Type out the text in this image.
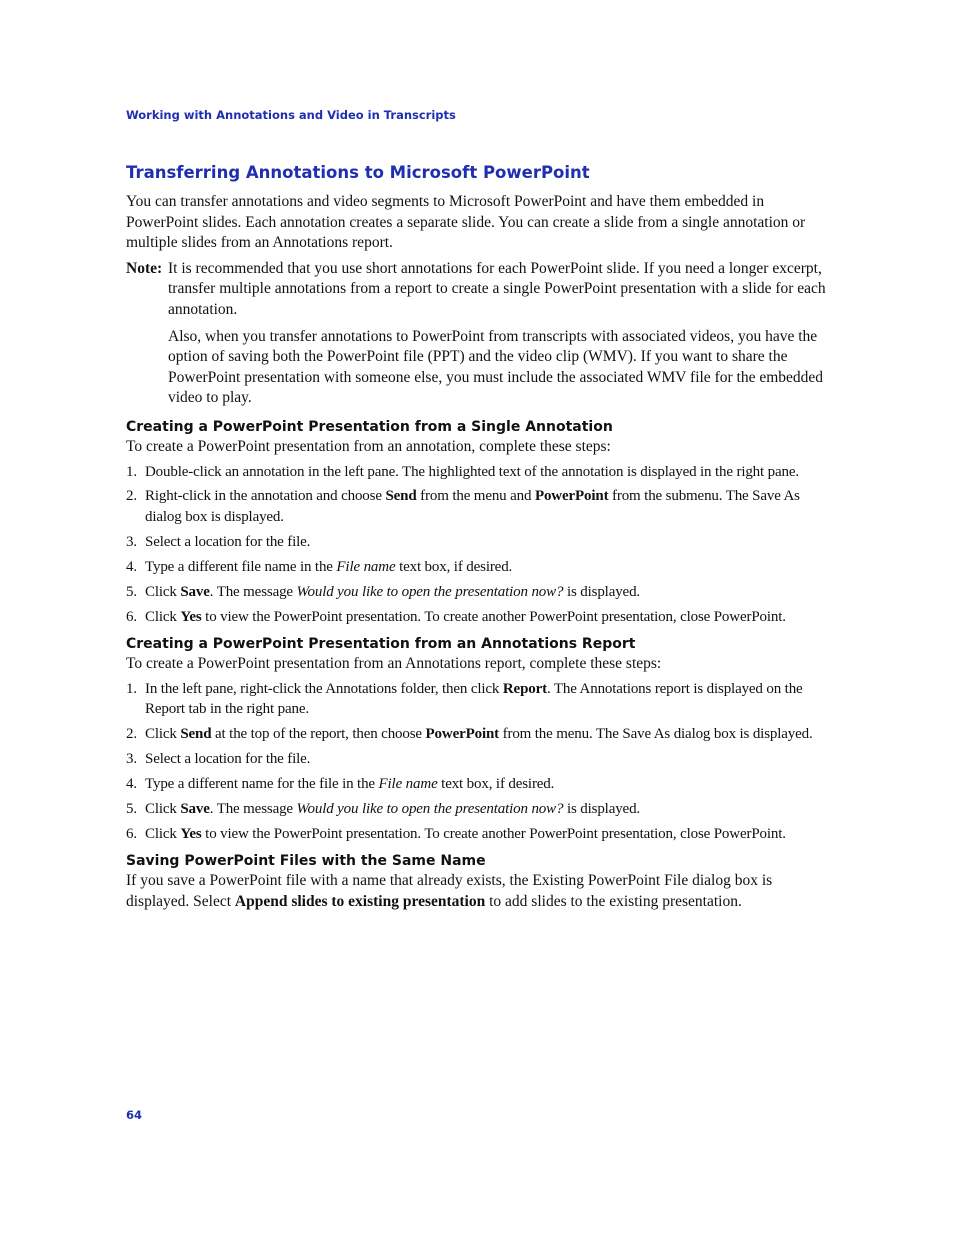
Working with Annotations and Video in Transcripts
Transferring Annotations to Microsoft PowerPoint

You can transfer annotations and video segments to Microsoft PowerPoint and have them embedded in PowerPoint slides. Each annotation creates a separate slide. You can create a slide from a single annotation or multiple slides from an Annotations report.

Note: It is recommended that you use short annotations for each PowerPoint slide. If you need a longer excerpt, transfer multiple annotations from a report to create a single PowerPoint presentation with a slide for each annotation.

Also, when you transfer annotations to PowerPoint from transcripts with associated videos, you have the option of saving both the PowerPoint file (PPT) and the video clip (WMV). If you want to share the PowerPoint presentation with someone else, you must include the associated WMV file for the embedded video to play.

Creating a PowerPoint Presentation from a Single Annotation

To create a PowerPoint presentation from an annotation, complete these steps:

1. Double-click an annotation in the left pane. The highlighted text of the annotation is displayed in the right pane.
2. Right-click in the annotation and choose Send from the menu and PowerPoint from the submenu. The Save As dialog box is displayed.
3. Select a location for the file.
4. Type a different file name in the File name text box, if desired.
5. Click Save. The message Would you like to open the presentation now? is displayed.
6. Click Yes to view the PowerPoint presentation. To create another PowerPoint presentation, close PowerPoint.
Creating a PowerPoint Presentation from an Annotations Report

To create a PowerPoint presentation from an Annotations report, complete these steps:

1. In the left pane, right-click the Annotations folder, then click Report. The Annotations report is displayed on the Report tab in the right pane.
2. Click Send at the top of the report, then choose PowerPoint from the menu. The Save As dialog box is displayed.
3. Select a location for the file.
4. Type a different name for the file in the File name text box, if desired.
5. Click Save. The message Would you like to open the presentation now? is displayed.
6. Click Yes to view the PowerPoint presentation. To create another PowerPoint presentation, close PowerPoint.
Saving PowerPoint Files with the Same Name

If you save a PowerPoint file with a name that already exists, the Existing PowerPoint File dialog box is displayed. Select Append slides to existing presentation to add slides to the existing presentation.

64
